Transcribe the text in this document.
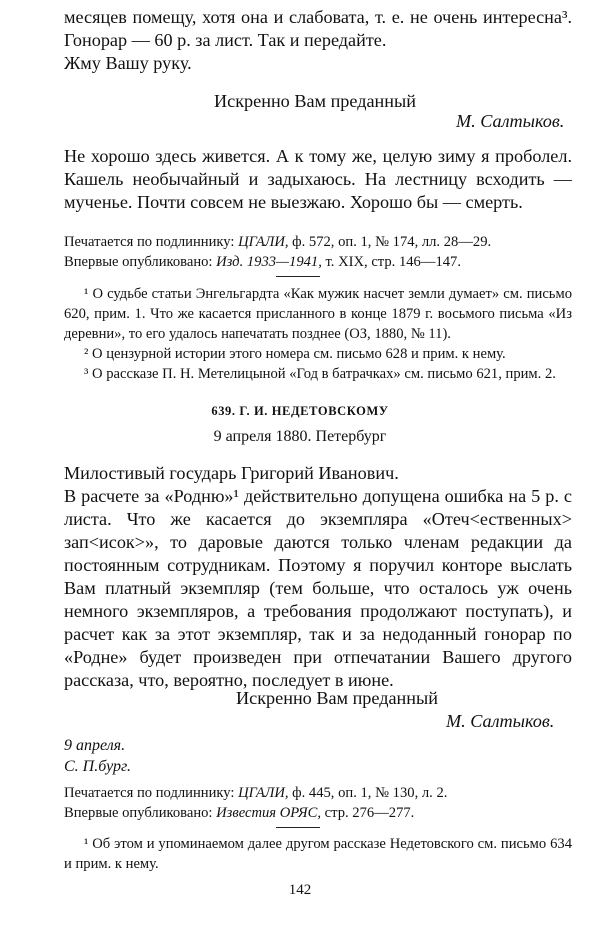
месяцев помещу, хотя она и слабовата, т. е. не очень интересна³. Гонорар — 60 р. за лист. Так и передайте.

Жму Вашу руку.
Искренно Вам преданный
М. Салтыков.

Не хорошо здесь живется. А к тому же, целую зиму я проболел. Кашель необычайный и задыхаюсь. На лестницу всходить — мученье. Почти совсем не выезжаю. Хорошо бы — смерть.

Печатается по подлиннику: ЦГАЛИ, ф. 572, оп. 1, № 174, лл. 28—29.

Впервые опубликовано: Изд. 1933—1941, т. XIX, стр. 146—147.

¹ О судьбе статьи Энгельгардта «Как мужик насчет земли думает» см. письмо 620, прим. 1. Что же касается присланного в конце 1879 г. восьмого письма «Из деревни», то его удалось напечатать позднее (ОЗ, 1880, № 11).

² О цензурной истории этого номера см. письмо 628 и прим. к нему.

³ О рассказе П. Н. Метелицыной «Год в батрачках» см. письмо 621, прим. 2.

639. Г. И. НЕДЕТОВСКОМУ
9 апреля 1880. Петербург
Милостивый государь Григорий Иванович.

В расчете за «Родню»¹ действительно допущена ошибка на 5 р. с листа. Что же касается до экземпляра «Отеч<ественных> зап<исок>», то даровые даются только членам редакции да постоянным сотрудникам. Поэтому я поручил конторе выслать Вам платный экземпляр (тем больше, что осталось уж очень немного экземпляров, а требования продолжают поступать), и расчет как за этот экземпляр, так и за недоданный гонорар по «Родне» будет произведен при отпечатании Вашего другого рассказа, что, вероятно, последует в июне.

Искренно Вам преданный
М. Салтыков.
9 апреля.
С. П.бург.

Печатается по подлиннику: ЦГАЛИ, ф. 445, оп. 1, № 130, л. 2.

Впервые опубликовано: Известия ОРЯС, стр. 276—277.

¹ Об этом и упоминаемом далее другом рассказе Недетовского см. письмо 634 и прим. к нему.

142
